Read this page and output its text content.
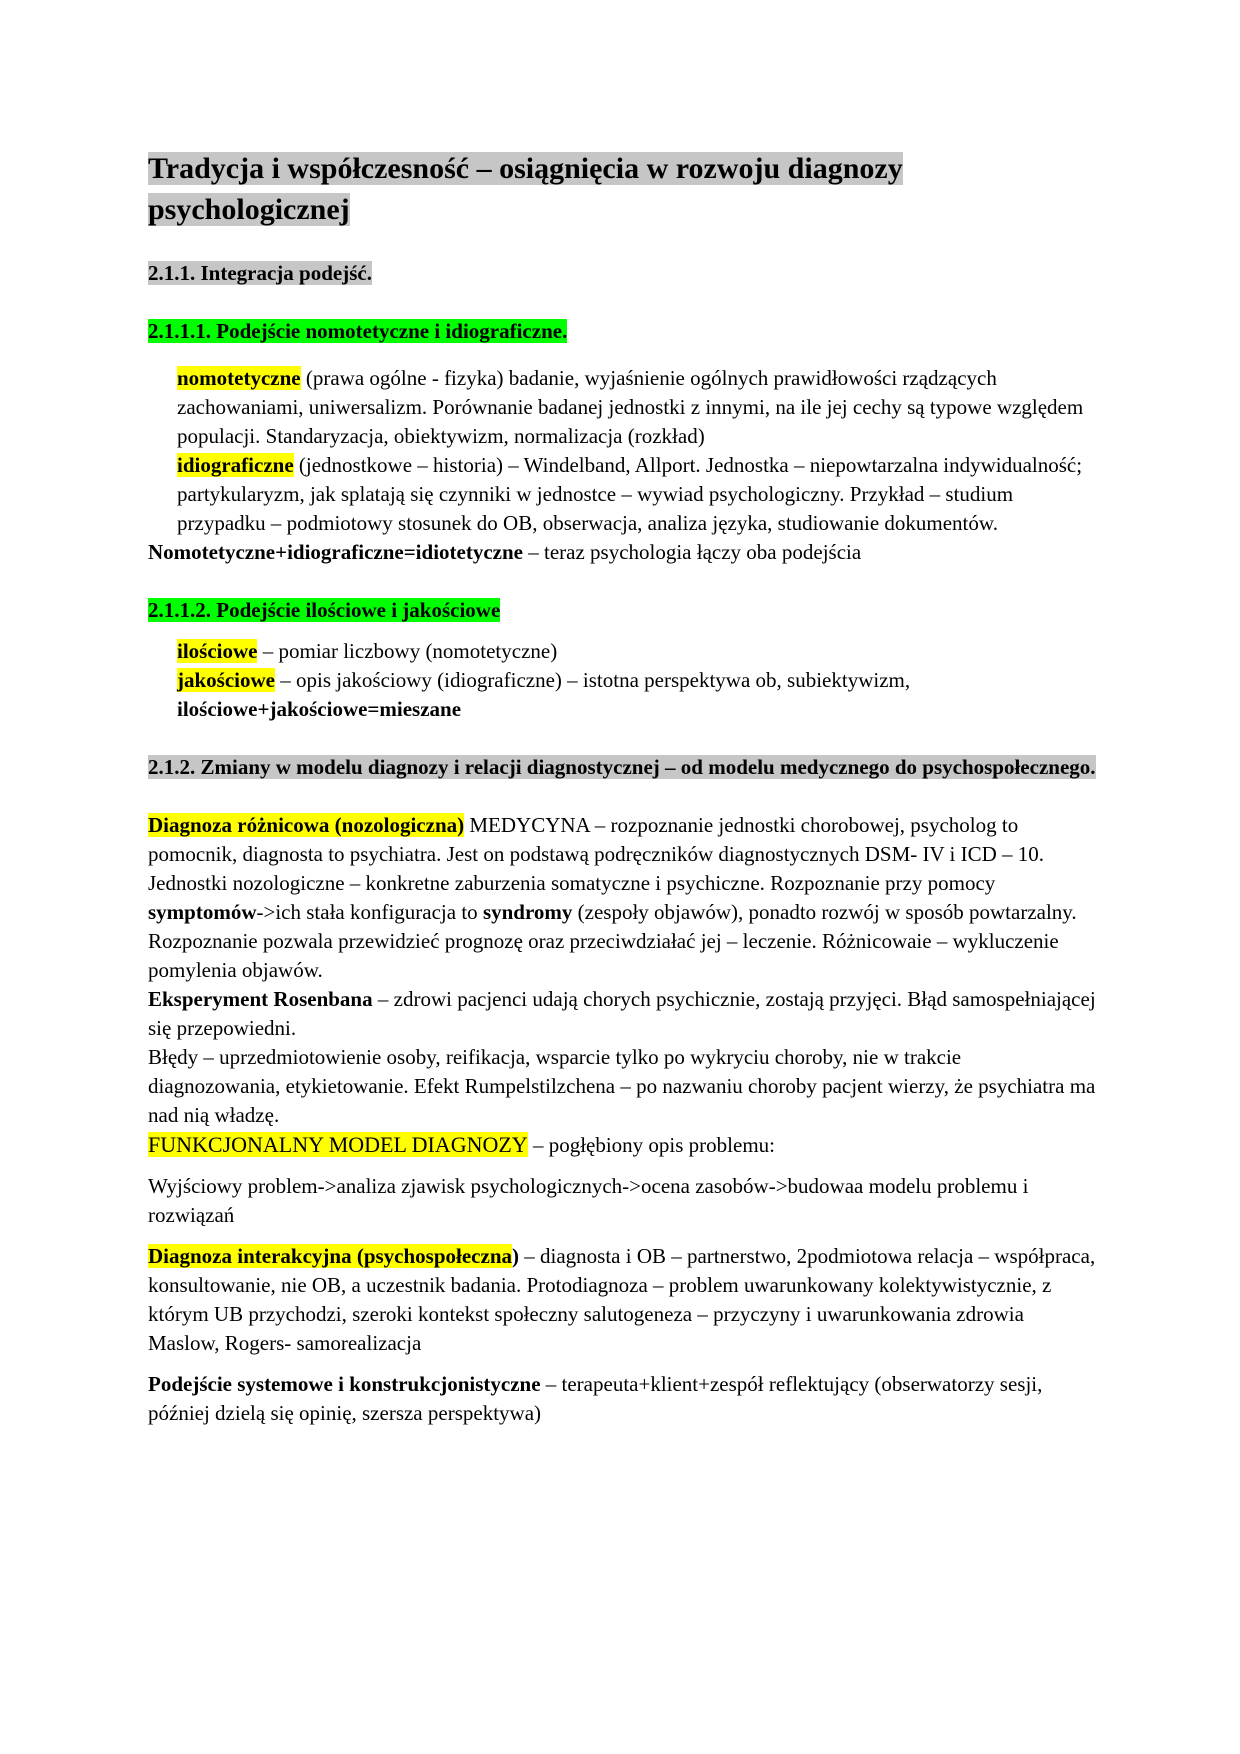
Tradycja i współczesność – osiągnięcia w rozwoju diagnozy psychologicznej
2.1.1. Integracja podejść.
2.1.1.1. Podejście nomotetyczne i idiograficzne.

nomotetyczne (prawa ogólne - fizyka) badanie, wyjaśnienie ogólnych prawidłowości rządzących zachowaniami, uniwersalizm. Porównanie badanej jednostki z innymi, na ile jej cechy są typowe względem populacji. Standaryzacja, obiektywizm, normalizacja (rozkład)

idiograficzne (jednostkowe – historia) – Windelband, Allport. Jednostka – niepowtarzalna indywidualność; partykularyzm, jak splatają się czynniki w jednostce – wywiad psychologiczny. Przykład – studium przypadku – podmiotowy stosunek do OB, obserwacja, analiza języka, studiowanie dokumentów.

Nomotetyczne+idiograficzne=idiotetyczne – teraz psychologia łączy oba podejścia

2.1.1.2. Podejście ilościowe i jakościowe

ilościowe – pomiar liczbowy (nomotetyczne)

jakościowe – opis jakościowy (idiograficzne) – istotna perspektywa ob, subiektywizm,

ilościowe+jakościowe=mieszane

2.1.2. Zmiany w modelu diagnozy i relacji diagnostycznej – od modelu medycznego do psychospołecznego.

Diagnoza różnicowa (nozologiczna) MEDYCYNA – rozpoznanie jednostki chorobowej, psycholog to pomocnik, diagnosta to psychiatra. Jest on podstawą podręczników diagnostycznych DSM- IV i ICD – 10. Jednostki nozologiczne – konkretne zaburzenia somatyczne i psychiczne. Rozpoznanie przy pomocy symptomów->ich stała konfiguracja to syndromy (zespoły objawów), ponadto rozwój w sposób powtarzalny. Rozpoznanie pozwala przewidzieć prognozę oraz przeciwdziałać jej – leczenie. Różnicowaie – wykluczenie pomylenia objawów.

Eksperyment Rosenbana – zdrowi pacjenci udają chorych psychicznie, zostają przyjęci. Błąd samospełniającej się przepowiedni.

Błędy – uprzedmiotowienie osoby, reifikacja, wsparcie tylko po wykryciu choroby, nie w trakcie diagnozowania, etykietowanie. Efekt Rumpelstilzchena – po nazwaniu choroby pacjent wierzy, że psychiatra ma nad nią władzę.

FUNKCJONALNY MODEL DIAGNOZY – pogłębiony opis problemu:

Wyjściowy problem->analiza zjawisk psychologicznych->ocena zasobów->budowaa modelu problemu i rozwiązań

Diagnoza interakcyjna (psychospołeczna) – diagnosta i OB – partnerstwo, 2podmiotowa relacja – współpraca, konsultowanie, nie OB, a uczestnik badania. Protodiagnoza – problem uwarunkowany kolektywistycznie, z którym UB przychodzi, szeroki kontekst społeczny salutogeneza – przyczyny i uwarunkowania zdrowia

Maslow, Rogers- samorealizacja

Podejście systemowe i konstrukcjonistyczne – terapeuta+klient+zespół reflektujący (obserwatorzy sesji, później dzielą się opinię, szersza perspektywa)
